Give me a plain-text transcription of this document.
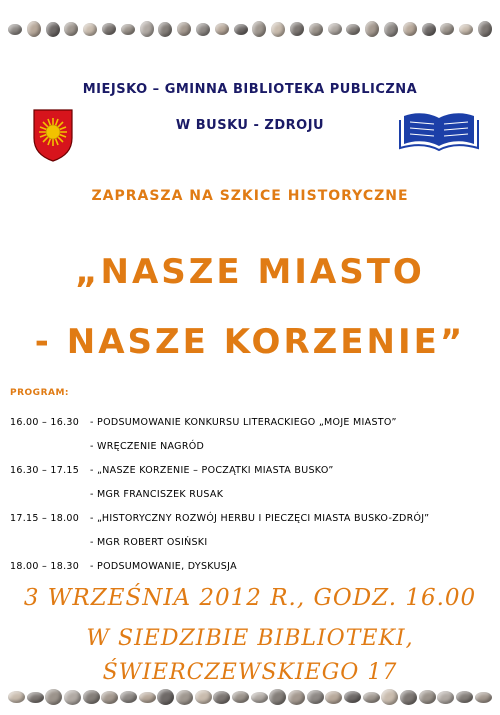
MIEJSKO – GMINNA BIBLIOTEKA PUBLICZNA
W BUSKU - ZDROJU
ZAPRASZA NA SZKICE HISTORYCZNE
„NASZE MIASTO
- NASZE KORZENIE”
PROGRAM:
16.00 – 16.30 - PODSUMOWANIE KONKURSU LITERACKIEGO „MOJE MIASTO”
- WRĘCZENIE NAGRÓD
16.30 – 17.15 - „NASZE KORZENIE – POCZĄTKI MIASTA BUSKO”
- MGR FRANCISZEK RUSAK
17.15 – 18.00 - „HISTORYCZNY ROZWÓJ HERBU I PIECZĘCI MIASTA BUSKO-ZDRÓJ”
- MGR ROBERT OSIŃSKI
18.00 – 18.30 - PODSUMOWANIE, DYSKUSJA
3 WRZEŚNIA 2012 R., GODZ. 16.00
W SIEDZIBIE BIBLIOTEKI,
ŚWIERCZEWSKIEGO 17
